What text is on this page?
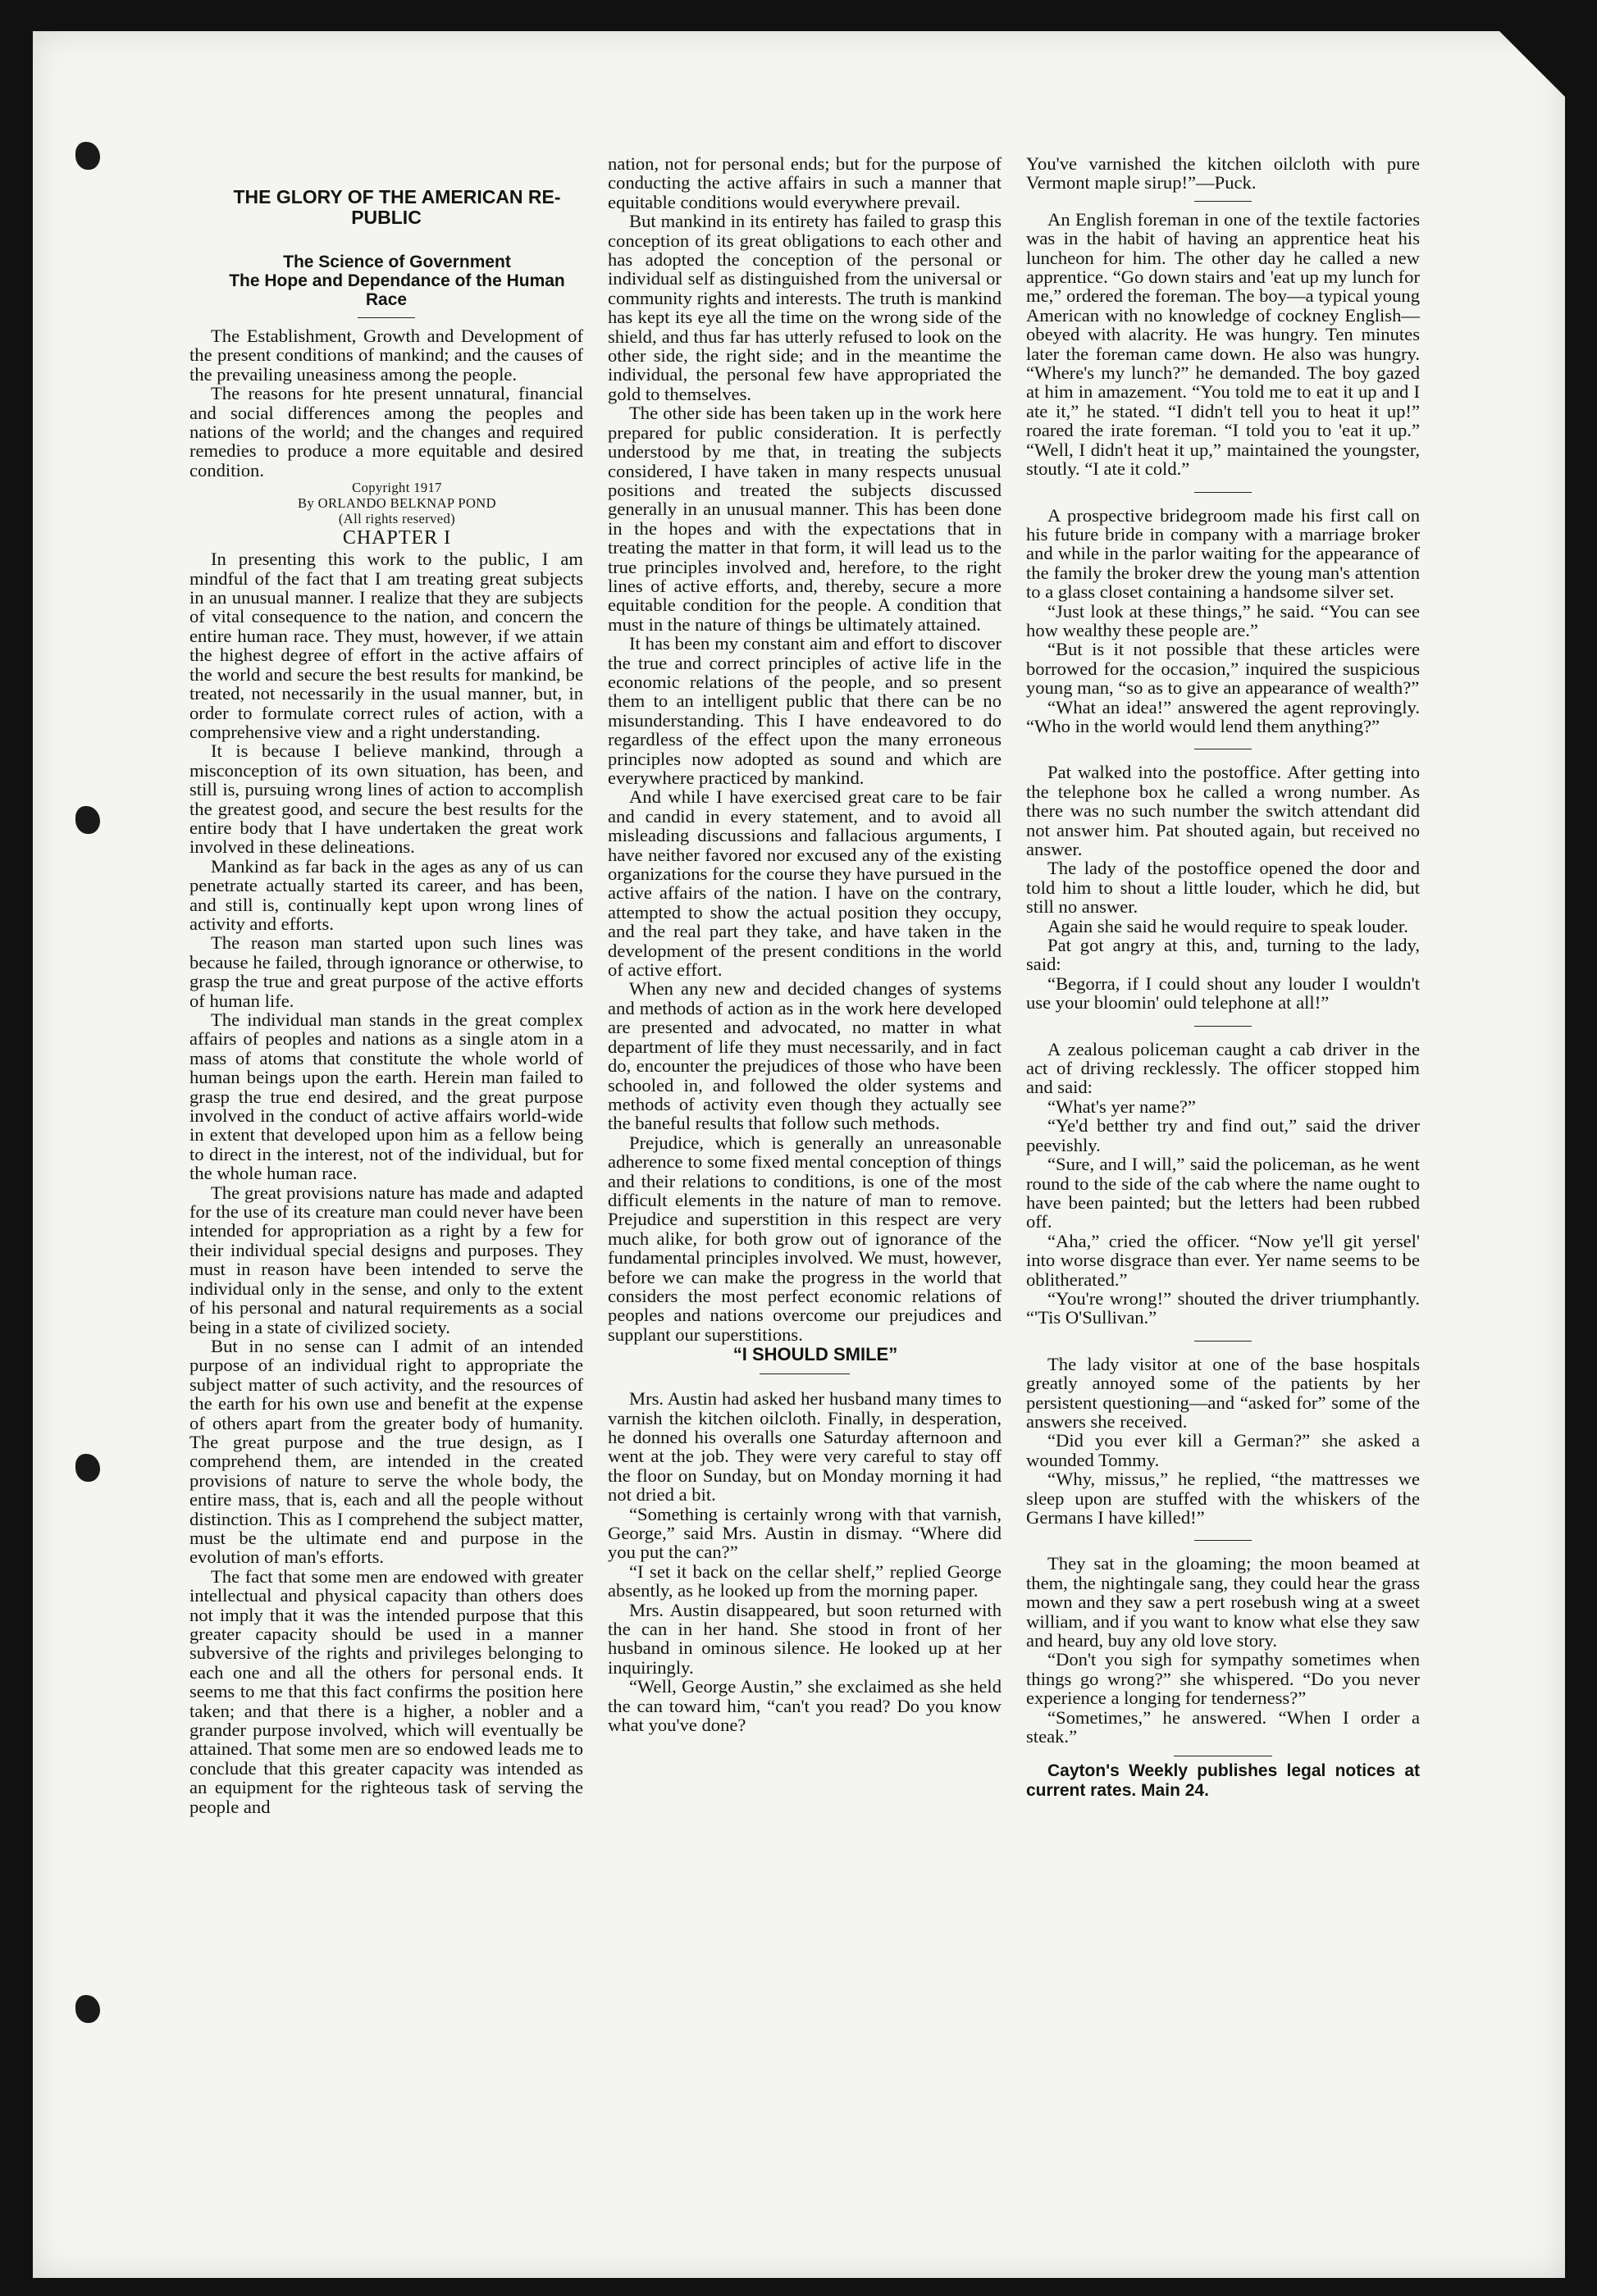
THE GLORY OF THE AMERICAN RE-PUBLIC

The Science of Government

The Hope and Dependance of the Human Race

The Establishment, Growth and Development of the present conditions of mankind; and the causes of the prevailing uneasiness among the people.

The reasons for hte present unnatural, financial and social differences among the peoples and nations of the world; and the changes and required remedies to produce a more equitable and desired condition.

Copyright 1917

By ORLANDO BELKNAP POND

(All rights reserved)

CHAPTER I

In presenting this work to the public, I am mindful of the fact that I am treating great subjects in an unusual manner. I realize that they are subjects of vital consequence to the nation, and concern the entire human race. They must, however, if we attain the highest degree of effort in the active affairs of the world and secure the best results for mankind, be treated, not necessarily in the usual manner, but, in order to formulate correct rules of action, with a comprehensive view and a right understanding.

It is because I believe mankind, through a misconception of its own situation, has been, and still is, pursuing wrong lines of action to accomplish the greatest good, and secure the best results for the entire body that I have undertaken the great work involved in these delineations.

Mankind as far back in the ages as any of us can penetrate actually started its career, and has been, and still is, continually kept upon wrong lines of activity and efforts.

The reason man started upon such lines was because he failed, through ignorance or otherwise, to grasp the true and great purpose of the active efforts of human life.

The individual man stands in the great complex affairs of peoples and nations as a single atom in a mass of atoms that constitute the whole world of human beings upon the earth. Herein man failed to grasp the true end desired, and the great purpose involved in the conduct of active affairs world-wide in extent that developed upon him as a fellow being to direct in the interest, not of the individual, but for the whole human race.

The great provisions nature has made and adapted for the use of its creature man could never have been intended for appropriation as a right by a few for their individual special designs and purposes. They must in reason have been intended to serve the individual only in the sense, and only to the extent of his personal and natural requirements as a social being in a state of civilized society.

But in no sense can I admit of an intended purpose of an individual right to appropriate the subject matter of such activity, and the resources of the earth for his own use and benefit at the expense of others apart from the greater body of humanity. The great purpose and the true design, as I comprehend them, are intended in the created provisions of nature to serve the whole body, the entire mass, that is, each and all the people without distinction. This as I comprehend the subject matter, must be the ultimate end and purpose in the evolution of man's efforts.

The fact that some men are endowed with greater intellectual and physical capacity than others does not imply that it was the intended purpose that this greater capacity should be used in a manner subversive of the rights and privileges belonging to each one and all the others for personal ends. It seems to me that this fact confirms the position here taken; and that there is a higher, a nobler and a grander purpose involved, which will eventually be attained. That some men are so endowed leads me to conclude that this greater capacity was intended as an equipment for the righteous task of serving the people and

nation, not for personal ends; but for the purpose of conducting the active affairs in such a manner that equitable conditions would everywhere prevail.

But mankind in its entirety has failed to grasp this conception of its great obligations to each other and has adopted the conception of the personal or individual self as distinguished from the universal or community rights and interests. The truth is mankind has kept its eye all the time on the wrong side of the shield, and thus far has utterly refused to look on the other side, the right side; and in the meantime the individual, the personal few have appropriated the gold to themselves.

The other side has been taken up in the work here prepared for public consideration. It is perfectly understood by me that, in treating the subjects considered, I have taken in many respects unusual positions and treated the subjects discussed generally in an unusual manner. This has been done in the hopes and with the expectations that in treating the matter in that form, it will lead us to the true principles involved and, herefore, to the right lines of active efforts, and, thereby, secure a more equitable condition for the people. A condition that must in the nature of things be ultimately attained.

It has been my constant aim and effort to discover the true and correct principles of active life in the economic relations of the people, and so present them to an intelligent public that there can be no misunderstanding. This I have endeavored to do regardless of the effect upon the many erroneous principles now adopted as sound and which are everywhere practiced by mankind.

And while I have exercised great care to be fair and candid in every statement, and to avoid all misleading discussions and fallacious arguments, I have neither favored nor excused any of the existing organizations for the course they have pursued in the active affairs of the nation. I have on the contrary, attempted to show the actual position they occupy, and the real part they take, and have taken in the development of the present conditions in the world of active effort.

When any new and decided changes of systems and methods of action as in the work here developed are presented and advocated, no matter in what department of life they must necessarily, and in fact do, encounter the prejudices of those who have been schooled in, and followed the older systems and methods of activity even though they actually see the baneful results that follow such methods.

Prejudice, which is generally an unreasonable adherence to some fixed mental conception of things and their relations to conditions, is one of the most difficult elements in the nature of man to remove. Prejudice and superstition in this respect are very much alike, for both grow out of ignorance of the fundamental principles involved. We must, however, before we can make the progress in the world that considers the most perfect economic relations of peoples and nations overcome our prejudices and supplant our superstitions.

“I SHOULD SMILE”

Mrs. Austin had asked her husband many times to varnish the kitchen oilcloth. Finally, in desperation, he donned his overalls one Saturday afternoon and went at the job. They were very careful to stay off the floor on Sunday, but on Monday morning it had not dried a bit.

“Something is certainly wrong with that varnish, George,” said Mrs. Austin in dismay. “Where did you put the can?”

“I set it back on the cellar shelf,” replied George absently, as he looked up from the morning paper.

Mrs. Austin disappeared, but soon returned with the can in her hand. She stood in front of her husband in ominous silence. He looked up at her inquiringly.

“Well, George Austin,” she exclaimed as she held the can toward him, “can't you read? Do you know what you've done?

You've varnished the kitchen oilcloth with pure Vermont maple sirup!”—Puck.

An English foreman in one of the textile factories was in the habit of having an apprentice heat his luncheon for him. The other day he called a new apprentice. “Go down stairs and 'eat up my lunch for me,” ordered the foreman. The boy—a typical young American with no knowledge of cockney English—obeyed with alacrity. He was hungry. Ten minutes later the foreman came down. He also was hungry. “Where's my lunch?” he demanded. The boy gazed at him in amazement. “You told me to eat it up and I ate it,” he stated. “I didn't tell you to heat it up!” roared the irate foreman. “I told you to 'eat it up.” “Well, I didn't heat it up,” maintained the youngster, stoutly. “I ate it cold.”

A prospective bridegroom made his first call on his future bride in company with a marriage broker and while in the parlor waiting for the appearance of the family the broker drew the young man's attention to a glass closet containing a handsome silver set.

“Just look at these things,” he said. “You can see how wealthy these people are.”

“But is it not possible that these articles were borrowed for the occasion,” inquired the suspicious young man, “so as to give an appearance of wealth?”

“What an idea!” answered the agent reprovingly. “Who in the world would lend them anything?”

Pat walked into the postoffice. After getting into the telephone box he called a wrong number. As there was no such number the switch attendant did not answer him. Pat shouted again, but received no answer.

The lady of the postoffice opened the door and told him to shout a little louder, which he did, but still no answer.

Again she said he would require to speak louder.

Pat got angry at this, and, turning to the lady, said:

“Begorra, if I could shout any louder I wouldn't use your bloomin' ould telephone at all!”

A zealous policeman caught a cab driver in the act of driving recklessly. The officer stopped him and said:

“What's yer name?”

“Ye'd betther try and find out,” said the driver peevishly.

“Sure, and I will,” said the policeman, as he went round to the side of the cab where the name ought to have been painted; but the letters had been rubbed off.

“Aha,” cried the officer. “Now ye'll git yersel' into worse disgrace than ever. Yer name seems to be oblitherated.”

“You're wrong!” shouted the driver triumphantly. “'Tis O'Sullivan.”

The lady visitor at one of the base hospitals greatly annoyed some of the patients by her persistent questioning—and “asked for” some of the answers she received.

“Did you ever kill a German?” she asked a wounded Tommy.

“Why, missus,” he replied, “the mattresses we sleep upon are stuffed with the whiskers of the Germans I have killed!”

They sat in the gloaming; the moon beamed at them, the nightingale sang, they could hear the grass mown and they saw a pert rosebush wing at a sweet william, and if you want to know what else they saw and heard, buy any old love story.

“Don't you sigh for sympathy sometimes when things go wrong?” she whispered. “Do you never experience a longing for tenderness?”

“Sometimes,” he answered. “When I order a steak.”

Cayton's Weekly publishes legal notices at current rates. Main 24.
